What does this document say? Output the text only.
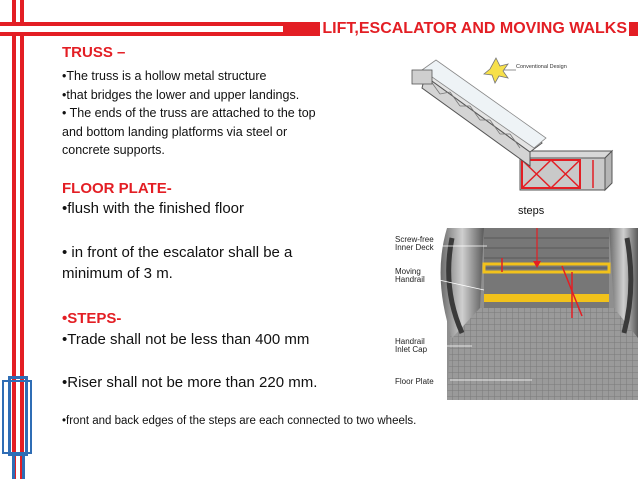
LIFT,ESCALATOR AND MOVING WALKS
TRUSS –
•The truss is a hollow metal structure
•that bridges the lower and upper landings.
• The ends of the truss are attached to the top
and bottom landing platforms via steel or
concrete supports.
FLOOR PLATE-
•flush with the finished floor
• in front of the escalator shall be a
minimum of 3 m.
•STEPS-
•Trade shall not be less than 400 mm
•Riser shall not be more than 220 mm.
•front and back edges of the steps are each connected to two wheels.
Conventional Design
steps
Screw-free Inner Deck
Moving Handrail
Handrail Inlet Cap
Floor Plate
